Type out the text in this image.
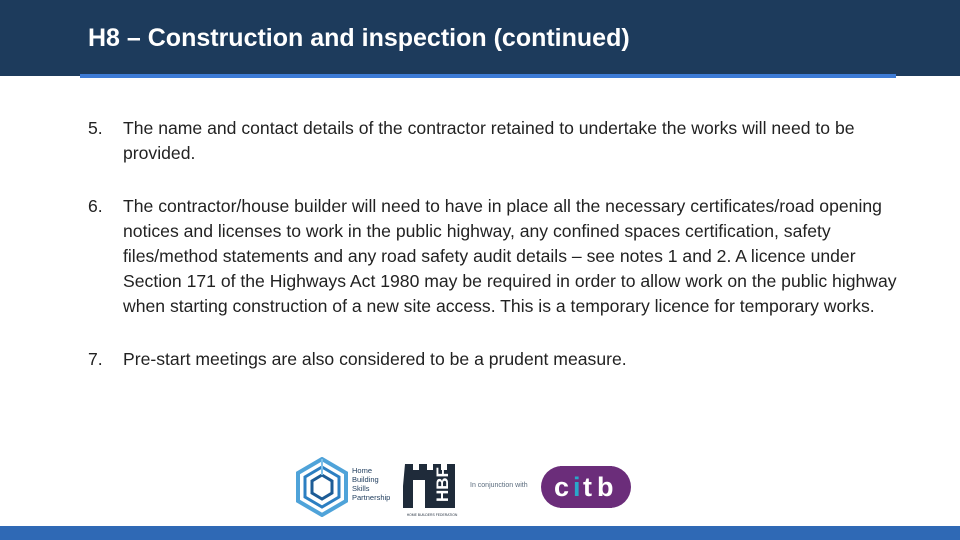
H8 – Construction and inspection (continued)
5.	The name and contact details of the contractor retained to undertake the works will need to be provided.
6.	The contractor/house builder will need to have in place all the necessary certificates/road opening notices and licenses to work in the public highway, any confined spaces certification, safety files/method statements and any road safety audit details – see notes 1 and 2. A licence under Section 171 of the Highways Act 1980 may be required in order to allow work on the public highway when starting construction of a new site access. This is a temporary licence for temporary works.
7.	Pre-start meetings are also considered to be a prudent measure.
Home
Building
Skills
Partnership	HBF
HOME BUILDERS FEDERATION
In conjunction with c i t b
